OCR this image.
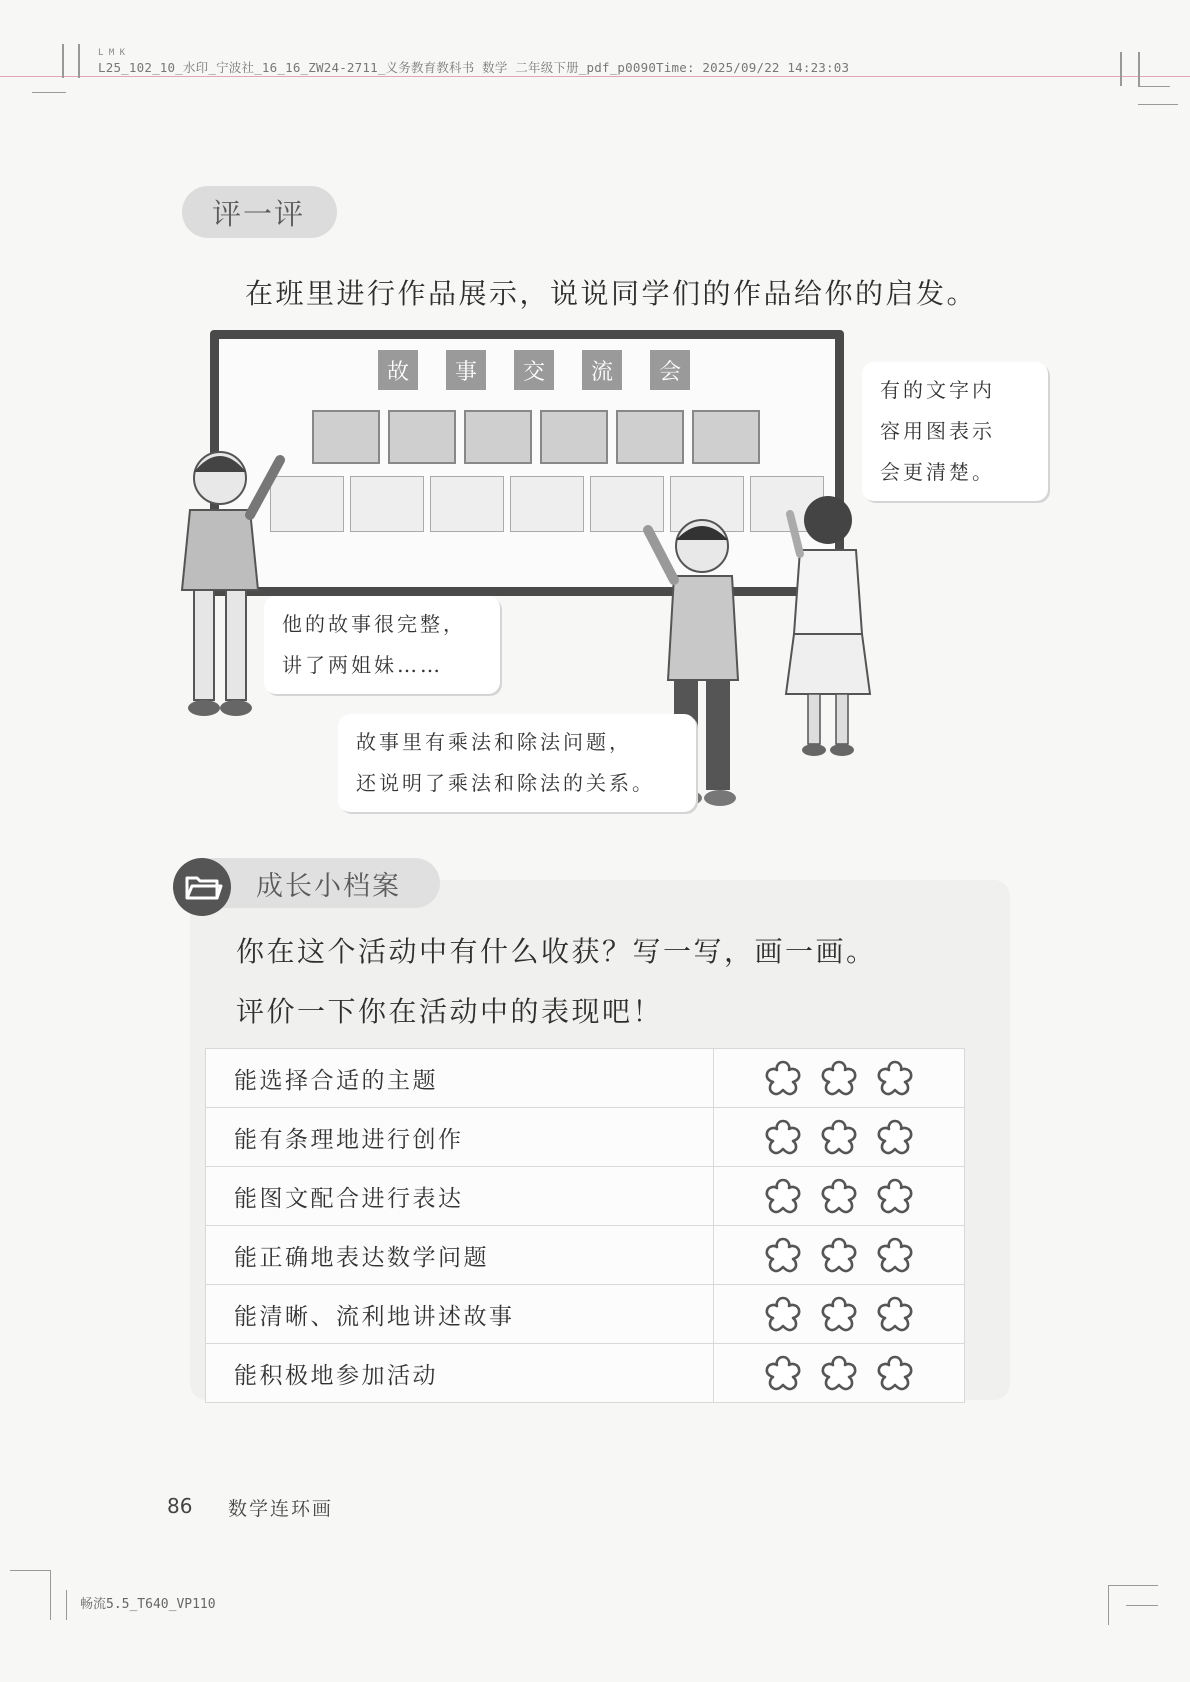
L M K
L25_102_10_水印_宁波社_16_16_ZW24-2711_义务教育教科书 数学 二年级下册_pdf_p0090Time: 2025/09/22 14:23:03
畅流5.5_T640_VP110
评一评
在班里进行作品展示，说说同学们的作品给你的启发。
故	事	交	流	会
有的文字内
容用图表示
会更清楚。
他的故事很完整，
讲了两姐妹……
故事里有乘法和除法问题，
还说明了乘法和除法的关系。
成长小档案
你在这个活动中有什么收获？写一写，画一画。
评价一下你在活动中的表现吧！
能选择合适的主题	
能有条理地进行创作	
能图文配合进行表达	
能正确地表达数学问题	
能清晰、流利地讲述故事	
能积极地参加活动	
86 数学连环画
